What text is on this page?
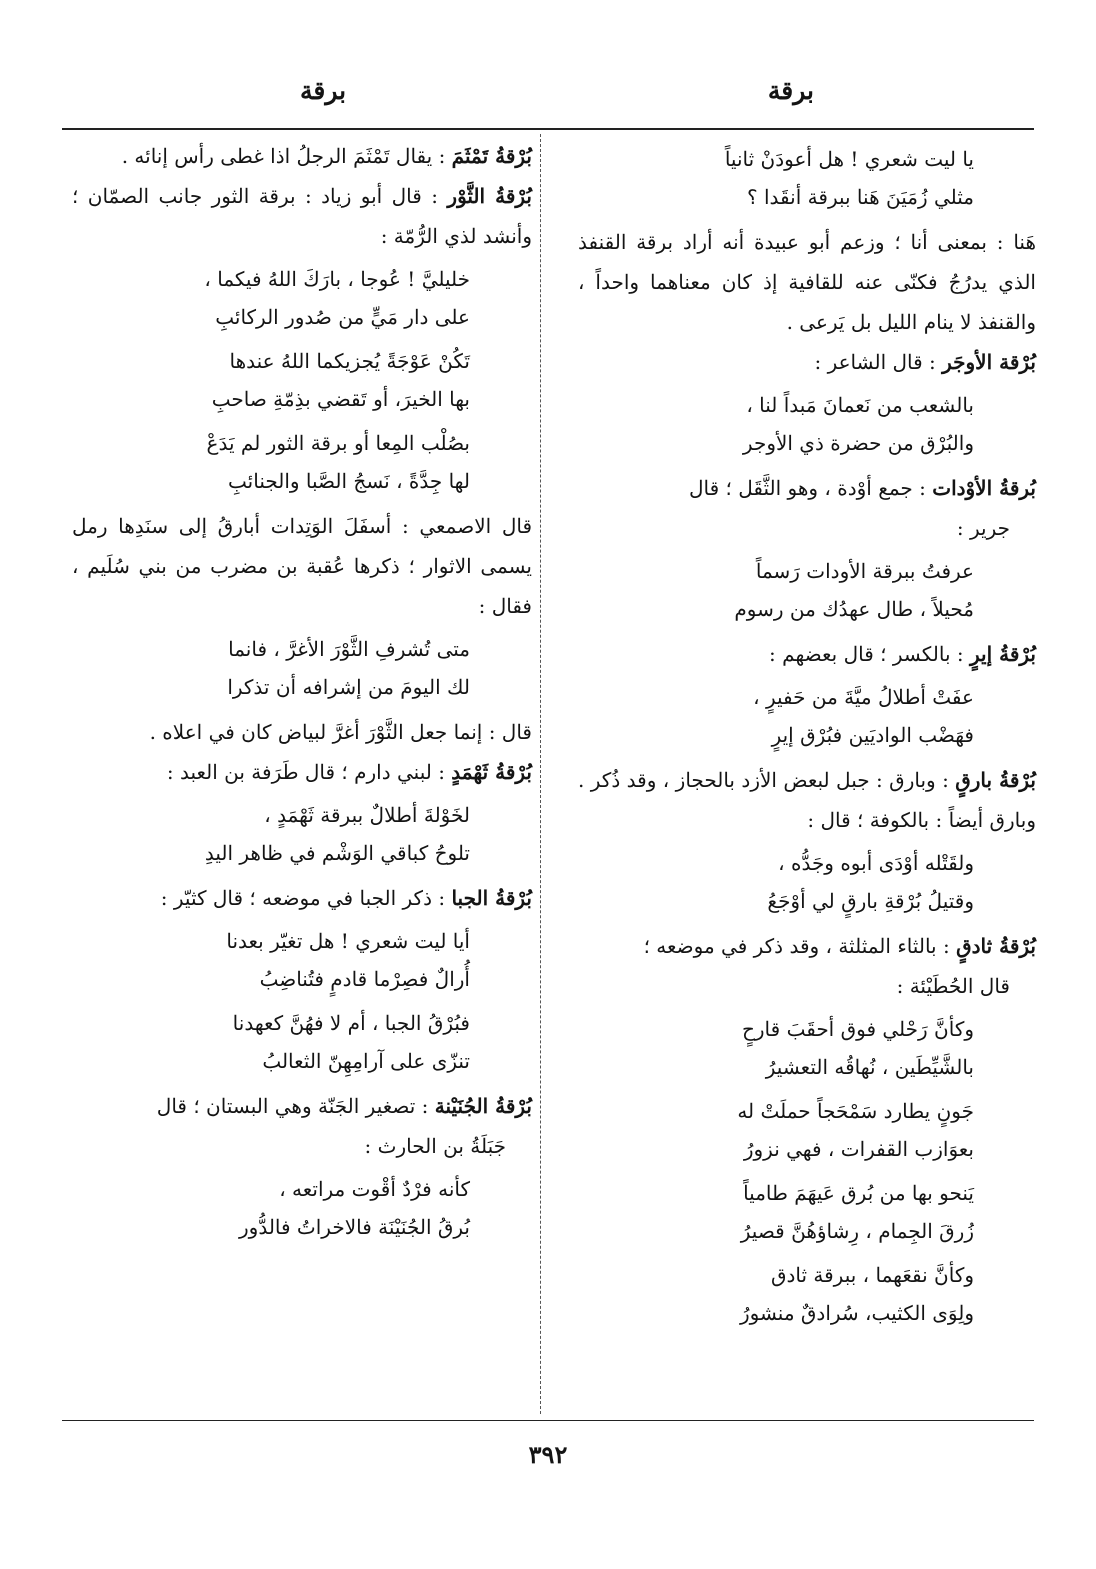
برقة
برقة
يا ليت شعري ! هل أعودَنْ ثانياً
مثلي زُمَيَنَ هَنا ببرقة أنقَدا ؟

هَنا : بمعنى أنا ؛ وزعم أبو عبيدة أنه أراد برقة القنفذ الذي يدرُجُ فكنّى عنه للقافية إذ كان معناهما واحداً ، والقنفذ لا ينام الليل بل يَرعى .

بُرْقة الأوجَر : قال الشاعر :

بالشعب من نَعمانَ مَبداً لنا ،
والبُرْق من حضرة ذي الأوجر

بُرقةُ الأوْدات : جمع أوْدة ، وهو الثَّقَل ؛ قال

جرير :
عرفتُ ببرقة الأودات رَسماً
مُحيلاً ، طال عهدُك من رسوم

بُرْقةُ إيرٍ : بالكسر ؛ قال بعضهم :

عفَتْ أطلالُ ميَّةَ من حَفيرٍ ،
فهَضْب الواديَين فبُرْق إيرٍ

بُرْقةُ بارقٍ : وبارق : جبل لبعض الأزد بالحجاز ، وقد ذُكر . وبارق أيضاً : بالكوفة ؛ قال :

ولقَتْله أوْدَى أبوه وجَدُّه ،
وقتيلُ بُرْقةِ بارقٍ لي أوْجَعُ

بُرْقةُ ثادقٍ : بالثاء المثلثة ، وقد ذكر في موضعه ؛

قال الحُطَيْئة :
وكأنَّ رَحْلي فوق أحقَبَ قارحٍ
بالشَّيِّطَين ، نُهاقُه التعشيرُ
جَونٍ يطارد سَمْحَجاً حملَتْ له
بعوَازب القفرات ، فهي نزورُ
يَنحو بها من بُرق عَيهَمَ طامياً
زُرقَ الجِمام ، رِشاؤهُنَّ قصيرُ
وكأنَّ نقعَهما ، ببرقة ثادق
ولِوَى الكثيب، سُرادقٌ منشورُ

بُرْقةُ تَمْثَمَ : يقال تَمْثَمَ الرجلُ اذا غطى رأس إنائه .

بُرْقةُ الثَّوْر : قال أبو زياد : برقة الثور جانب الصمّان ؛ وأنشد لذي الرُّمّة :

خليليَّ ! عُوجا ، بارَكَ اللهُ فيكما ،
على دار مَيٍّ من صُدور الركائبِ
تَكُنْ عَوْجَةً يُجزيكما اللهُ عندها
بها الخيرَ، أو تَقضي بذِمّةِ صاحبِ
بصُلْب المِعا أو برقة الثور لم يَدَعْ
لها جِدَّةً ، نَسجُ الصَّبا والجنائبِ

قال الاصمعي : أسفَلَ الوَتِدات أبارقُ إلى سنَدِها رمل يسمى الاثوار ؛ ذكرها عُقبة بن مضرب من بني سُلَيم ، فقال :

متى تُشرفِ الثَّوْرَ الأغرَّ ، فانما
لك اليومَ من إشرافه أن تذكرا

قال : إنما جعل الثَّوْرَ أغرَّ لبياض كان في اعلاه .

بُرْقةُ ثَهْمَدٍ : لبني دارم ؛ قال طَرَفة بن العبد :

لخَوْلةَ أطلالٌ ببرقة ثَهْمَدٍ ،
تلوحُ كباقي الوَشْم في ظاهر اليدِ

بُرْقةُ الجبا : ذكر الجبا في موضعه ؛ قال كثيّر :

أيا ليت شعري ! هل تغيّر بعدنا
أُرالٌ فصِرْما قادمٍ فتُناضِبُ
فبُرْقُ الجبا ، أم لا فهُنَّ كعهدنا
تنزّى على آرامِهِنّ الثعالبُ

بُرْقةُ الجُنَيْنة : تصغير الجَنّة وهي البستان ؛ قال

جَبَلَةُ بن الحارث :
كأنه فرْدٌ أقْوت مراتعه ،
بُرقُ الجُنَيْنَة فالاخراتُ فالدُّور
٣٩٢
